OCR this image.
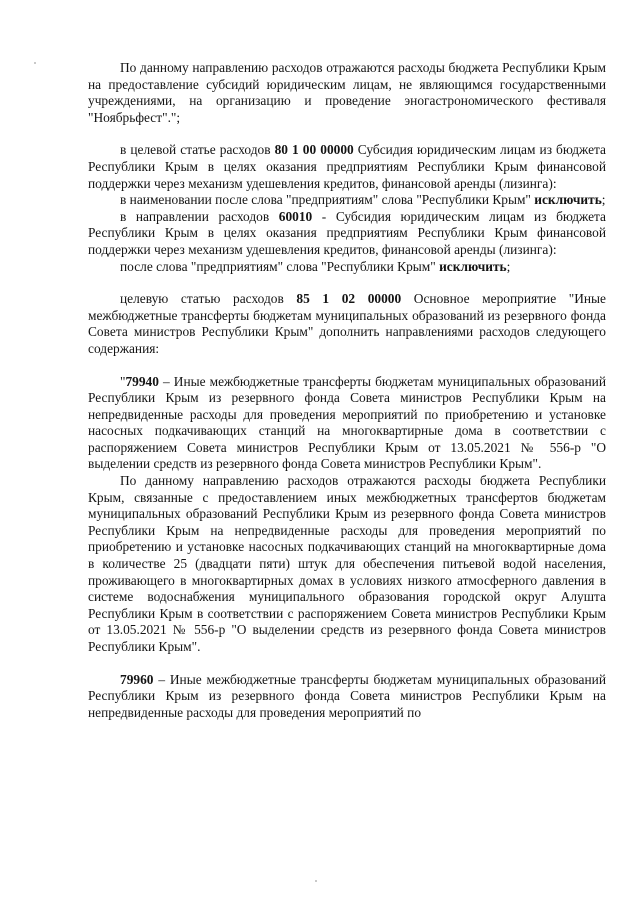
По данному направлению расходов отражаются расходы бюджета Республики Крым на предоставление субсидий юридическим лицам, не являющимся государственными учреждениями, на организацию и проведение эногастрономического фестиваля "Ноябрьфест".";

в целевой статье расходов 80 1 00 00000 Субсидия юридическим лицам из бюджета Республики Крым в целях оказания предприятиям Республики Крым финансовой поддержки через механизм удешевления кредитов, финансовой аренды (лизинга):

в наименовании после слова "предприятиям" слова "Республики Крым" исключить;

в направлении расходов 60010 - Субсидия юридическим лицам из бюджета Республики Крым в целях оказания предприятиям Республики Крым финансовой поддержки через механизм удешевления кредитов, финансовой аренды (лизинга):

после слова "предприятиям" слова "Республики Крым" исключить;

целевую статью расходов 85 1 02 00000 Основное мероприятие "Иные межбюджетные трансферты бюджетам муниципальных образований из резервного фонда Совета министров Республики Крым" дополнить направлениями расходов следующего содержания:

"79940 – Иные межбюджетные трансферты бюджетам муниципальных образований Республики Крым из резервного фонда Совета министров Республики Крым на непредвиденные расходы для проведения мероприятий по приобретению и установке насосных подкачивающих станций на многоквартирные дома в соответствии с распоряжением Совета министров Республики Крым от 13.05.2021 № 556-р "О выделении средств из резервного фонда Совета министров Республики Крым".

По данному направлению расходов отражаются расходы бюджета Республики Крым, связанные с предоставлением иных межбюджетных трансфертов бюджетам муниципальных образований Республики Крым из резервного фонда Совета министров Республики Крым на непредвиденные расходы для проведения мероприятий по приобретению и установке насосных подкачивающих станций на многоквартирные дома в количестве 25 (двадцати пяти) штук для обеспечения питьевой водой населения, проживающего в многоквартирных домах в условиях низкого атмосферного давления в системе водоснабжения муниципального образования городской округ Алушта Республики Крым в соответствии с распоряжением Совета министров Республики Крым от 13.05.2021 № 556-р "О выделении средств из резервного фонда Совета министров Республики Крым".

79960 – Иные межбюджетные трансферты бюджетам муниципальных образований Республики Крым из резервного фонда Совета министров Республики Крым на непредвиденные расходы для проведения мероприятий по
